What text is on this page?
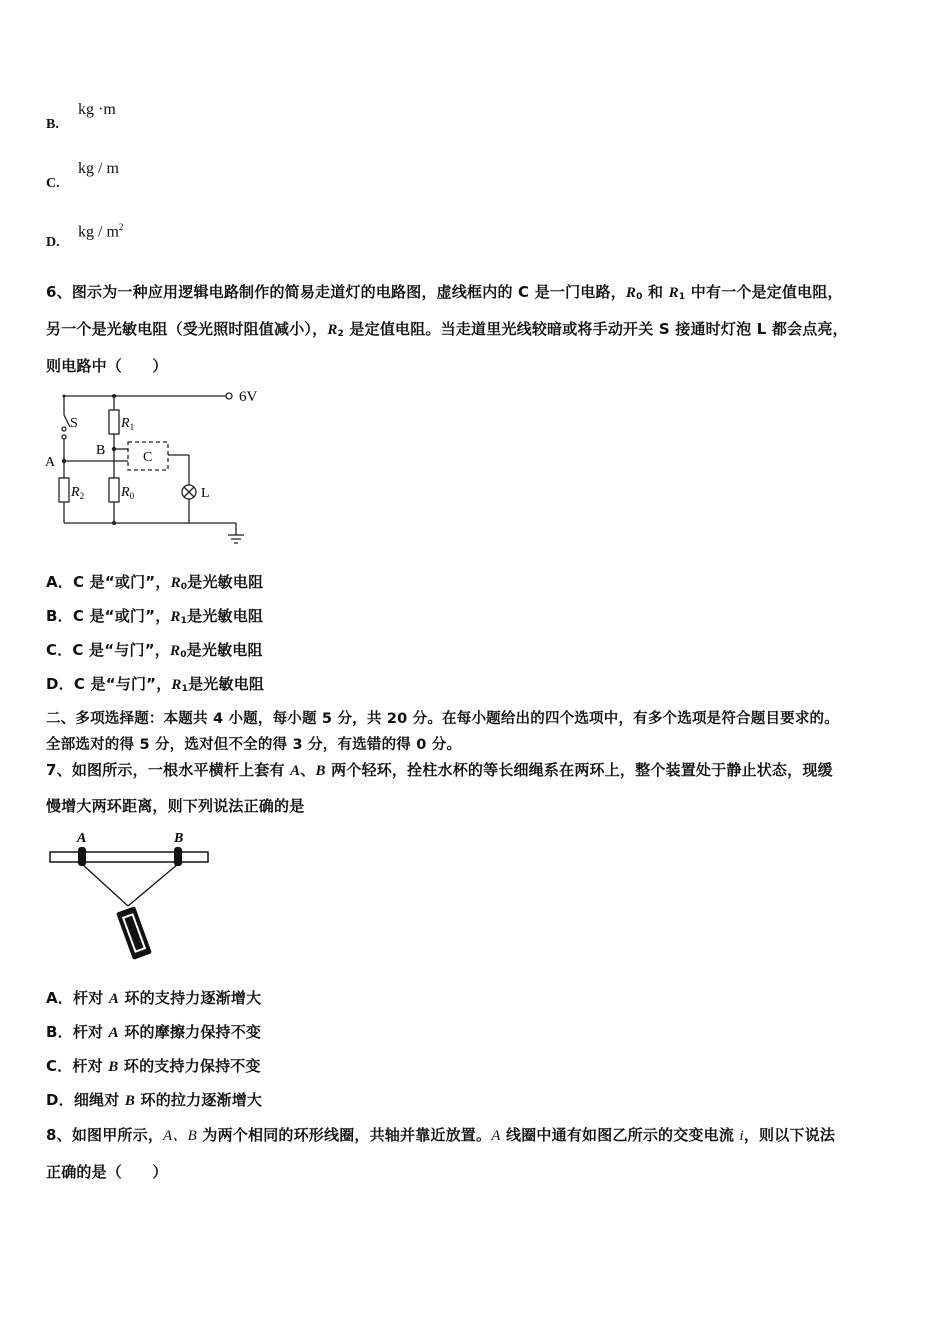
B.
kg ·m
C.
kg / m
D.
kg / $m^2$
6、图示为一种应用逻辑电路制作的简易走道灯的电路图，虚线框内的 C 是一门电路，$R_0$ 和 $R_1$ 中有一个是定值电阻，
另一个是光敏电阻（受光照时阻值减小），$R_2$ 是定值电阻。当走道里光线较暗或将手动开关 S 接通时灯泡 L 都会点亮，
则电路中（　　）
6V
S
A
B	C
$R_1$
$R_2$	$R_0$	L
A．C 是“或门”，$R_0$是光敏电阻
B．C 是“或门”，$R_1$是光敏电阻
C．C 是“与门”，$R_0$是光敏电阻
D．C 是“与门”，$R_1$是光敏电阻
二、多项选择题：本题共 4 小题，每小题 5 分，共 20 分。在每小题给出的四个选项中，有多个选项是符合题目要求的。
全部选对的得 5 分，选对但不全的得 3 分，有选错的得 0 分。
7、如图所示，一根水平横杆上套有 A、B 两个轻环，拴柱水杯的等长细绳系在两环上，整个装置处于静止状态，现缓
慢增大两环距离，则下列说法正确的是
A	B
A．杆对 A 环的支持力逐渐增大
B．杆对 A 环的摩擦力保持不变
C．杆对 B 环的支持力保持不变
D．细绳对 B 环的拉力逐渐增大
8、如图甲所示，A、B 为两个相同的环形线圈，共轴并靠近放置。A 线圈中通有如图乙所示的交变电流 i，则以下说法
正确的是（　　）
